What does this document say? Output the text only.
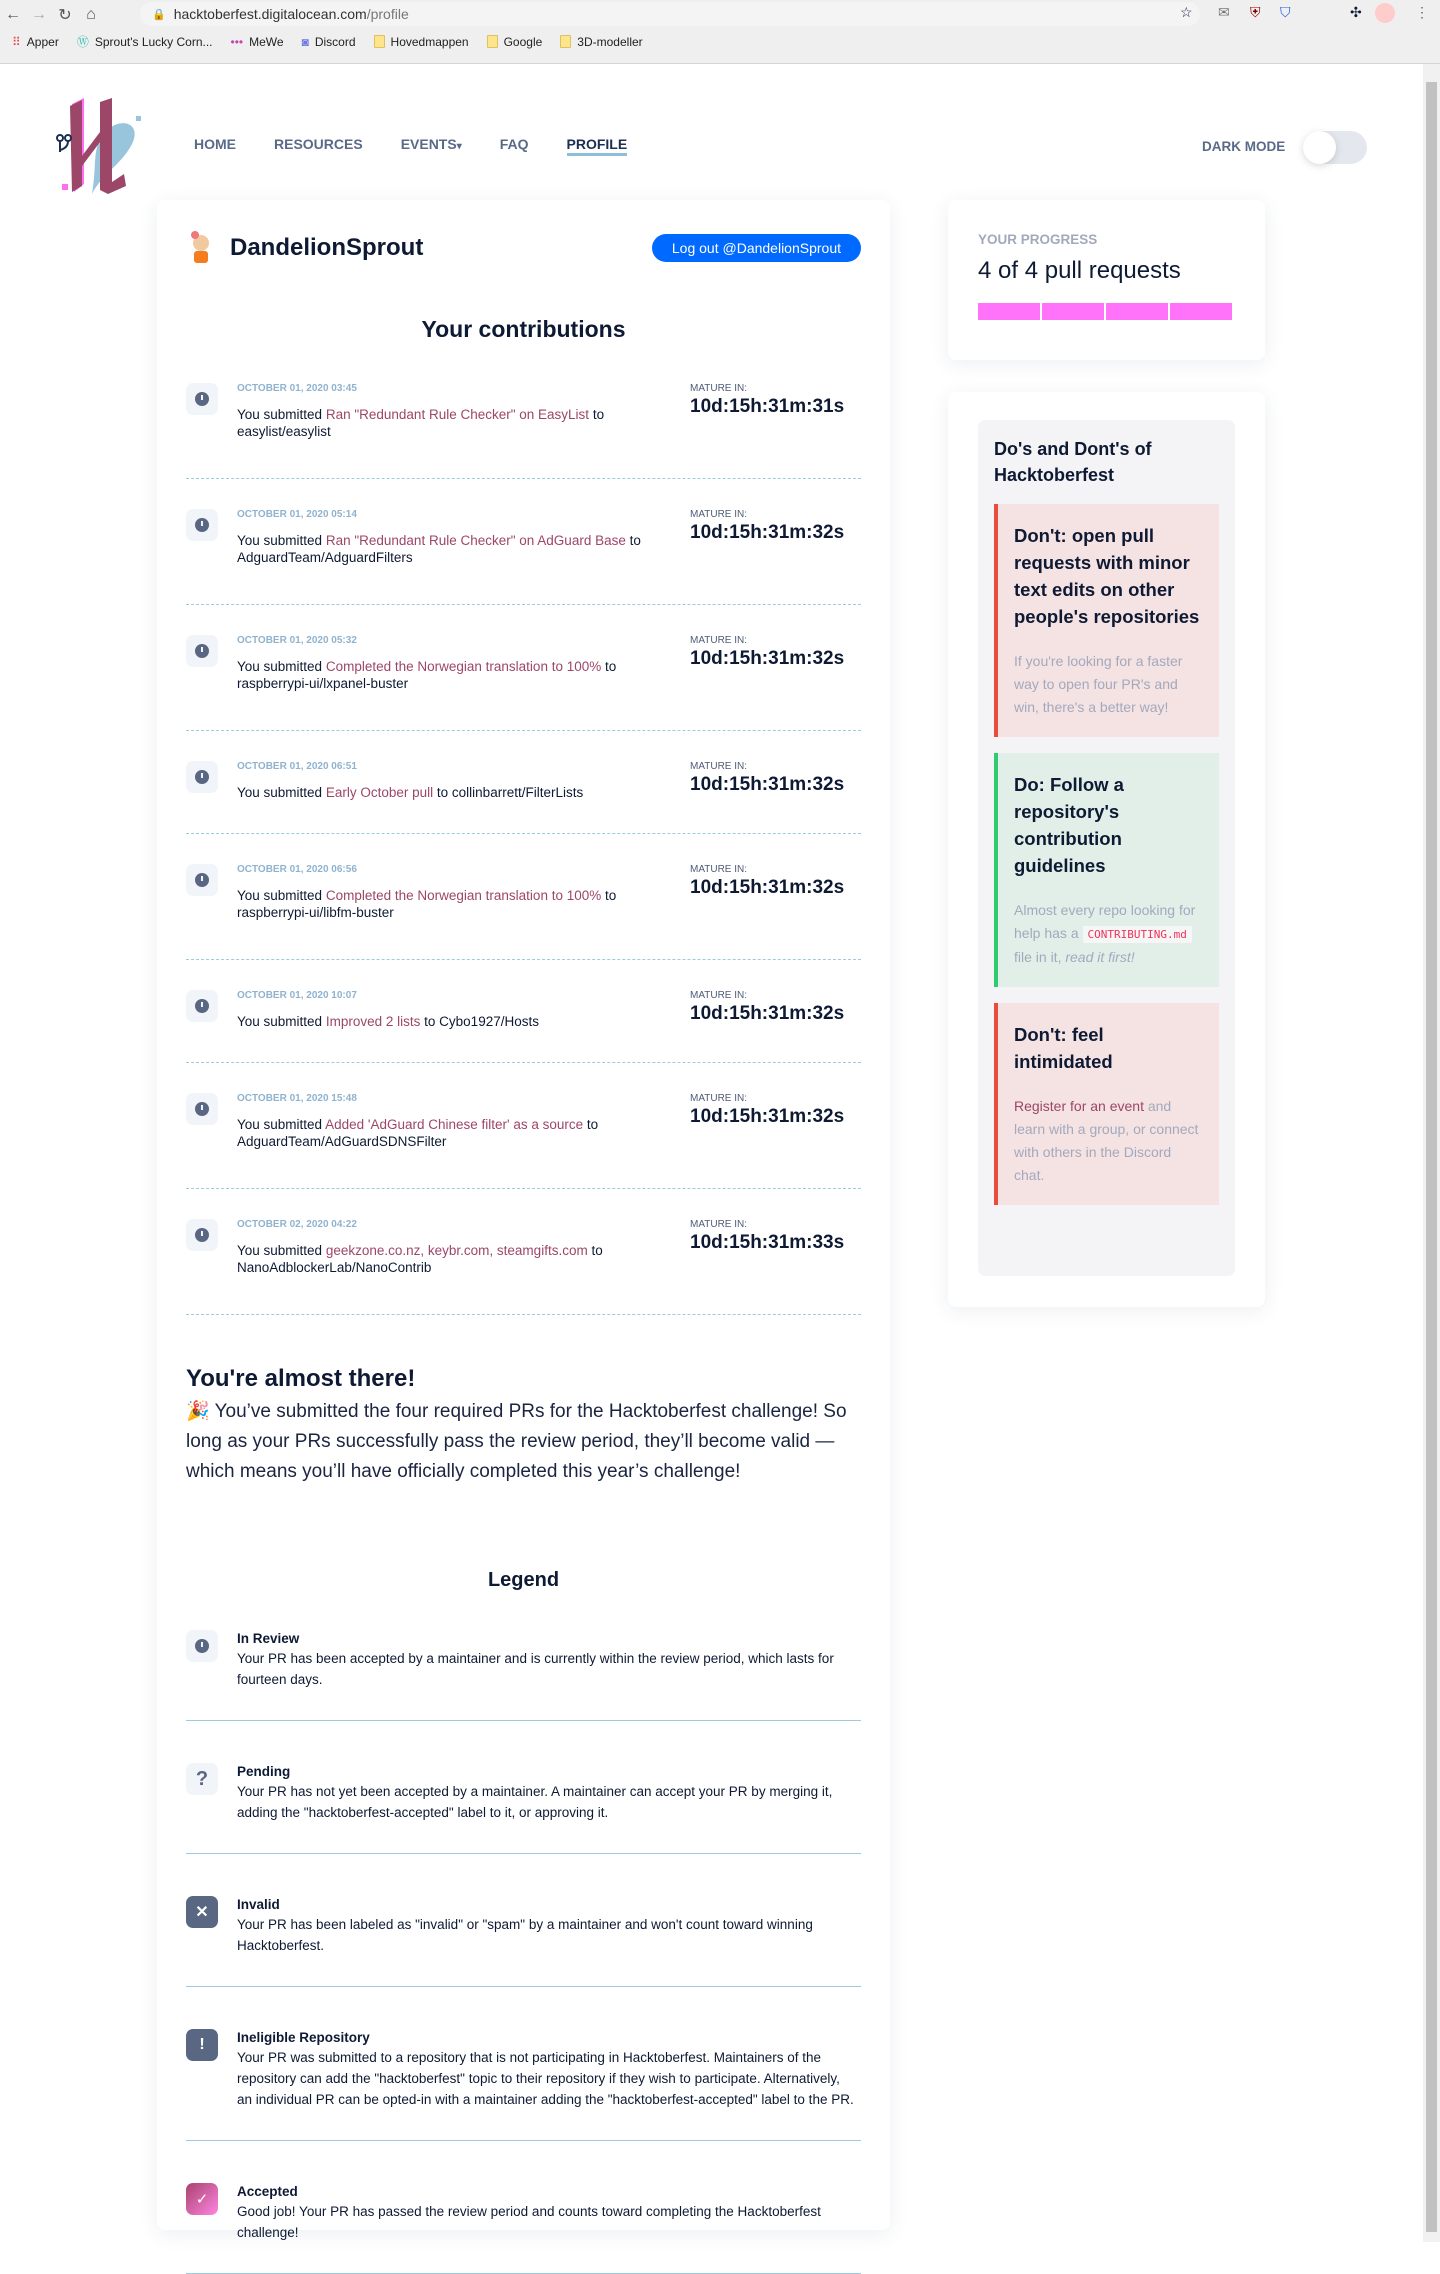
← → ↻ ⌂	🔒 hacktoberfest.digitalocean.com /profile	☆ ✉ ⛨ ⛉	✣	⋮
⠿ Apper Ⓦ Sprout's Lucky Corn... ••• MeWe ◙ Discord	Hovedmappen	Google	3D-modeller
HOME	RESOURCES	EVENTS▾	FAQ	PROFILE	DARK MODE
DandelionSprout	Log out @DandelionSprout
Your contributions
OCTOBER 01, 2020 03:45
You submitted Ran "Redundant Rule Checker" on EasyList to easylist/easylist
MATURE IN:
10d:15h:31m:31s
OCTOBER 01, 2020 05:14
You submitted Ran "Redundant Rule Checker" on AdGuard Base to AdguardTeam/AdguardFilters
MATURE IN:
10d:15h:31m:32s
OCTOBER 01, 2020 05:32
You submitted Completed the Norwegian translation to 100% to raspberrypi-ui/lxpanel-buster
MATURE IN:
10d:15h:31m:32s
OCTOBER 01, 2020 06:51
You submitted Early October pull to collinbarrett/FilterLists
MATURE IN:
10d:15h:31m:32s
OCTOBER 01, 2020 06:56
You submitted Completed the Norwegian translation to 100% to raspberrypi-ui/libfm-buster
MATURE IN:
10d:15h:31m:32s
OCTOBER 01, 2020 10:07
You submitted Improved 2 lists to Cybo1927/Hosts
MATURE IN:
10d:15h:31m:32s
OCTOBER 01, 2020 15:48
You submitted Added 'AdGuard Chinese filter' as a source to AdguardTeam/AdGuardSDNSFilter
MATURE IN:
10d:15h:31m:32s
OCTOBER 02, 2020 04:22
You submitted geekzone.co.nz, keybr.com, steamgifts.com to NanoAdblockerLab/NanoContrib
MATURE IN:
10d:15h:31m:33s
You're almost there!

🎉 You’ve submitted the four required PRs for the Hacktoberfest challenge! So long as your PRs successfully pass the review period, they’ll become valid — which means you’ll have officially completed this year’s challenge!

Legend
In Review
Your PR has been accepted by a maintainer and is currently within the review period, which lasts for fourteen days.
? Pending
Your PR has not yet been accepted by a maintainer. A maintainer can accept your PR by merging it, adding the "hacktoberfest-accepted" label to it, or approving it.
✕ Invalid
Your PR has been labeled as "invalid" or "spam" by a maintainer and won't count toward winning Hacktoberfest.
! Ineligible Repository
Your PR was submitted to a repository that is not participating in Hacktoberfest. Maintainers of the repository can add the "hacktoberfest" topic to their repository if they wish to participate. Alternatively, an individual PR can be opted-in with a maintainer adding the "hacktoberfest-accepted" label to the PR.
✓ Accepted
Good job! Your PR has passed the review period and counts toward completing the Hacktoberfest challenge!
YOUR PROGRESS
4 of 4 pull requests
Do's and Dont's of Hacktoberfest
Don't: open pull requests with minor text edits on other people's repositories
If you're looking for a faster way to open four PR's and win, there's a better way!
Do: Follow a repository's contribution guidelines
Almost every repo looking for help has a CONTRIBUTING.md file in it, read it first!
Don't: feel intimidated
Register for an event and learn with a group, or connect with others in the Discord chat.
